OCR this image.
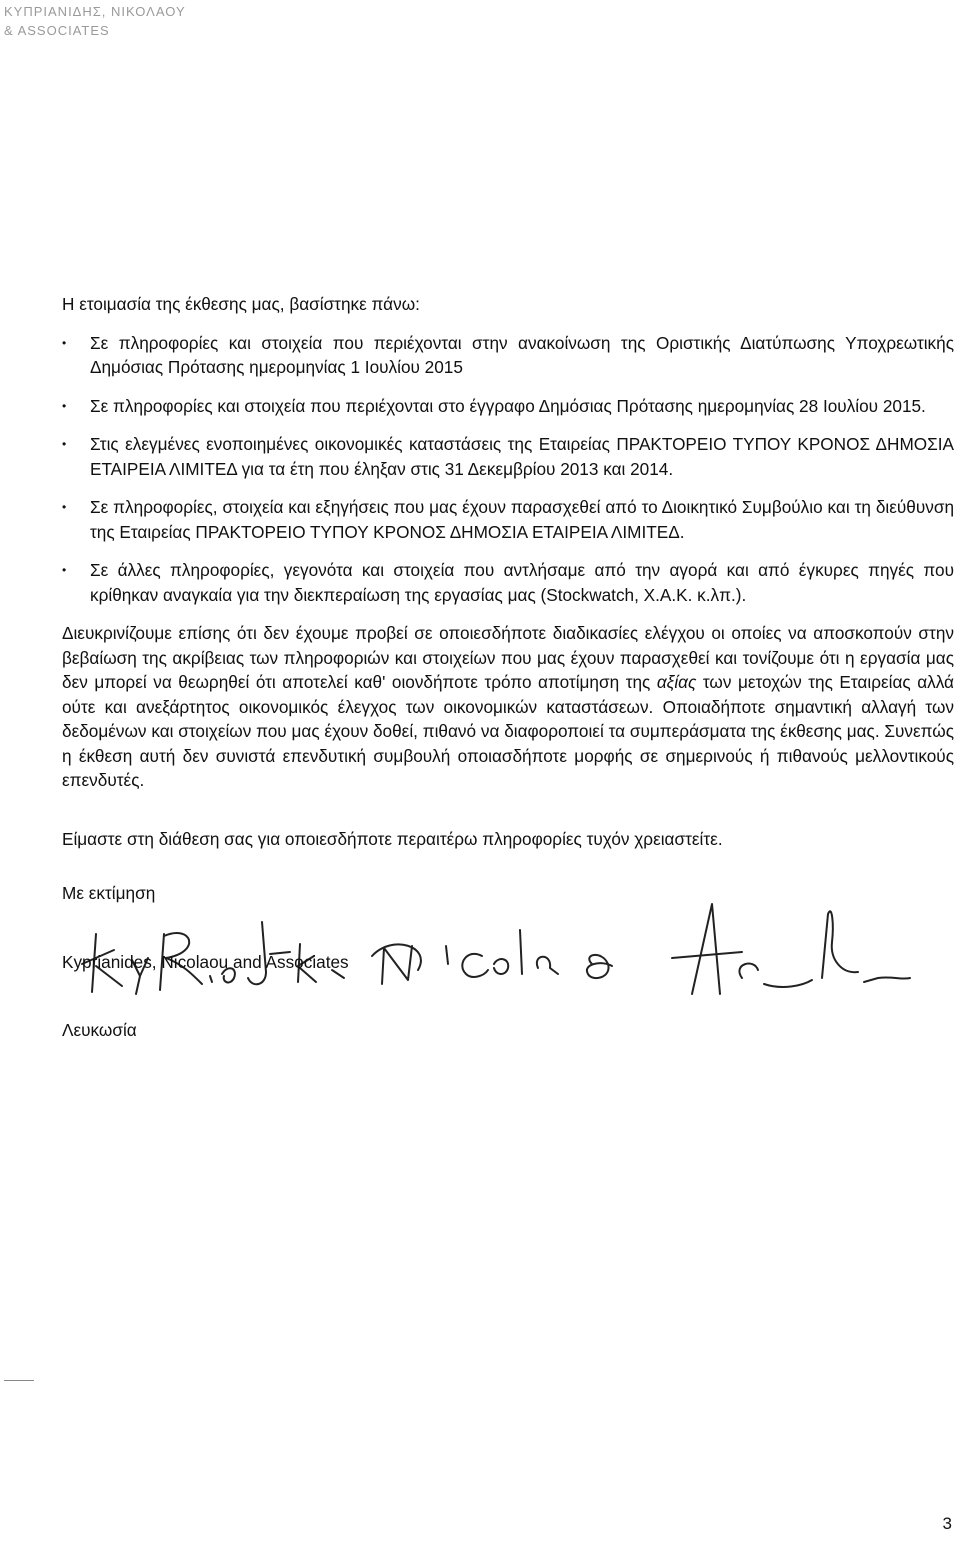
ΚΥΠΡΙΑΝΙΔΗΣ, ΝΙΚΟΛΑΟΥ
& ASSOCIATES

Η ετοιμασία της έκθεσης μας, βασίστηκε πάνω:

• Σε πληροφορίες και στοιχεία που περιέχονται στην ανακοίνωση της Οριστικής Διατύπωσης Υποχρεωτικής Δημόσιας Πρότασης ημερομηνίας 1 Ιουλίου 2015
• Σε πληροφορίες και στοιχεία που περιέχονται στο έγγραφο Δημόσιας Πρότασης ημερομηνίας 28 Ιουλίου 2015.
• Στις ελεγμένες ενοποιημένες οικονομικές καταστάσεις της Εταιρείας ΠΡΑΚΤΟΡΕΙΟ ΤΥΠΟΥ ΚΡΟΝΟΣ ΔΗΜΟΣΙΑ ΕΤΑΙΡΕΙΑ ΛΙΜΙΤΕΔ για τα έτη που έληξαν στις 31 Δεκεμβρίου 2013 και 2014.
• Σε πληροφορίες, στοιχεία και εξηγήσεις που μας έχουν παρασχεθεί από το Διοικητικό Συμβούλιο και τη διεύθυνση της Εταιρείας ΠΡΑΚΤΟΡΕΙΟ ΤΥΠΟΥ ΚΡΟΝΟΣ ΔΗΜΟΣΙΑ ΕΤΑΙΡΕΙΑ ΛΙΜΙΤΕΔ.
• Σε άλλες πληροφορίες, γεγονότα και στοιχεία που αντλήσαμε από την αγορά και από έγκυρες πηγές που κρίθηκαν αναγκαία για την διεκπεραίωση της εργασίας μας (Stockwatch, Χ.Α.Κ. κ.λπ.).

Διευκρινίζουμε επίσης ότι δεν έχουμε προβεί σε οποιεσδήποτε διαδικασίες ελέγχου οι οποίες να αποσκοπούν στην βεβαίωση της ακρίβειας των πληροφοριών και στοιχείων που μας έχουν παρασχεθεί και τονίζουμε ότι η εργασία μας δεν μπορεί να θεωρηθεί ότι αποτελεί καθ' οιονδήποτε τρόπο αποτίμηση της αξίας των μετοχών της Εταιρείας αλλά ούτε και ανεξάρτητος οικονομικός έλεγχος των οικονομικών καταστάσεων. Οποιαδήποτε σημαντική αλλαγή των δεδομένων και στοιχείων που μας έχουν δοθεί, πιθανό να διαφοροποιεί τα συμπεράσματα της έκθεσης μας. Συνεπώς η έκθεση αυτή δεν συνιστά επενδυτική συμβουλή οποιασδήποτε μορφής σε σημερινούς ή πιθανούς μελλοντικούς επενδυτές.

Είμαστε στη διάθεση σας για οποιεσδήποτε περαιτέρω πληροφορίες τυχόν χρειαστείτε.

Με εκτίμηση

Kyprianides, Nicolaou and Associates

Λευκωσία

3
